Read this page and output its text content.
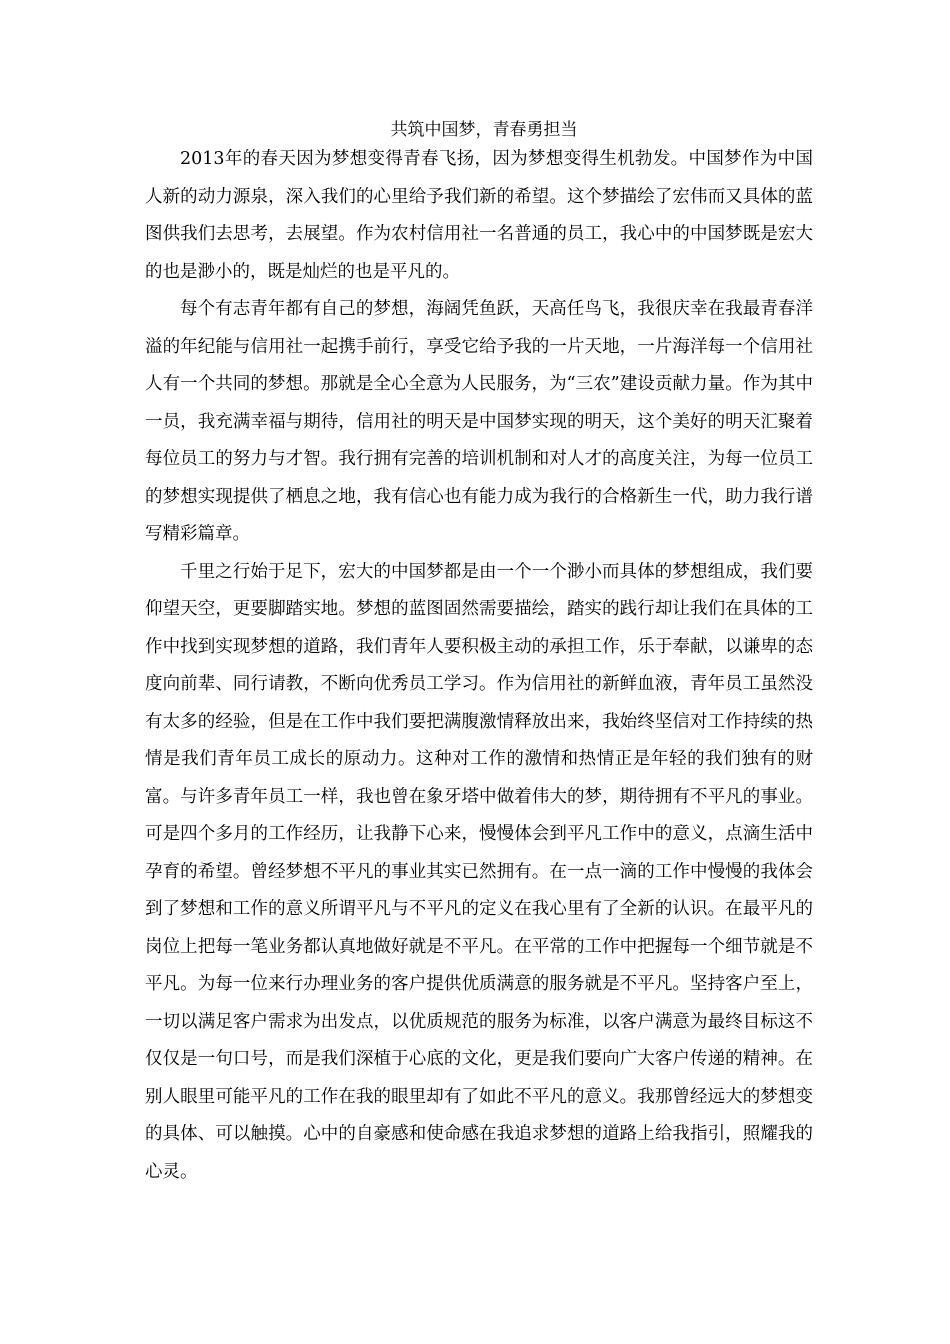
共筑中国梦，青春勇担当

2013年的春天因为梦想变得青春飞扬，因为梦想变得生机勃发。中国梦作为中国人新的动力源泉，深入我们的心里给予我们新的希望。这个梦描绘了宏伟而又具体的蓝图供我们去思考，去展望。作为农村信用社一名普通的员工，我心中的中国梦既是宏大的也是渺小的，既是灿烂的也是平凡的。

每个有志青年都有自己的梦想，海阔凭鱼跃，天高任鸟飞，我很庆幸在我最青春洋溢的年纪能与信用社一起携手前行，享受它给予我的一片天地，一片海洋每一个信用社人有一个共同的梦想。那就是全心全意为人民服务，为“三农”建设贡献力量。作为其中一员，我充满幸福与期待，信用社的明天是中国梦实现的明天，这个美好的明天汇聚着每位员工的努力与才智。我行拥有完善的培训机制和对人才的高度关注，为每一位员工的梦想实现提供了栖息之地，我有信心也有能力成为我行的合格新生一代，助力我行谱写精彩篇章。

千里之行始于足下，宏大的中国梦都是由一个一个渺小而具体的梦想组成，我们要仰望天空，更要脚踏实地。梦想的蓝图固然需要描绘，踏实的践行却让我们在具体的工作中找到实现梦想的道路，我们青年人要积极主动的承担工作，乐于奉献，以谦卑的态度向前辈、同行请教，不断向优秀员工学习。作为信用社的新鲜血液，青年员工虽然没有太多的经验，但是在工作中我们要把满腹激情释放出来，我始终坚信对工作持续的热情是我们青年员工成长的原动力。这种对工作的激情和热情正是年轻的我们独有的财富。与许多青年员工一样，我也曾在象牙塔中做着伟大的梦，期待拥有不平凡的事业。可是四个多月的工作经历，让我静下心来，慢慢体会到平凡工作中的意义，点滴生活中孕育的希望。曾经梦想不平凡的事业其实已然拥有。在一点一滴的工作中慢慢的我体会到了梦想和工作的意义所谓平凡与不平凡的定义在我心里有了全新的认识。在最平凡的岗位上把每一笔业务都认真地做好就是不平凡。在平常的工作中把握每一个细节就是不平凡。为每一位来行办理业务的客户提供优质满意的服务就是不平凡。坚持客户至上，一切以满足客户需求为出发点，以优质规范的服务为标准，以客户满意为最终目标这不仅仅是一句口号，而是我们深植于心底的文化，更是我们要向广大客户传递的精神。在别人眼里可能平凡的工作在我的眼里却有了如此不平凡的意义。我那曾经远大的梦想变的具体、可以触摸。心中的自豪感和使命感在我追求梦想的道路上给我指引，照耀我的心灵。
